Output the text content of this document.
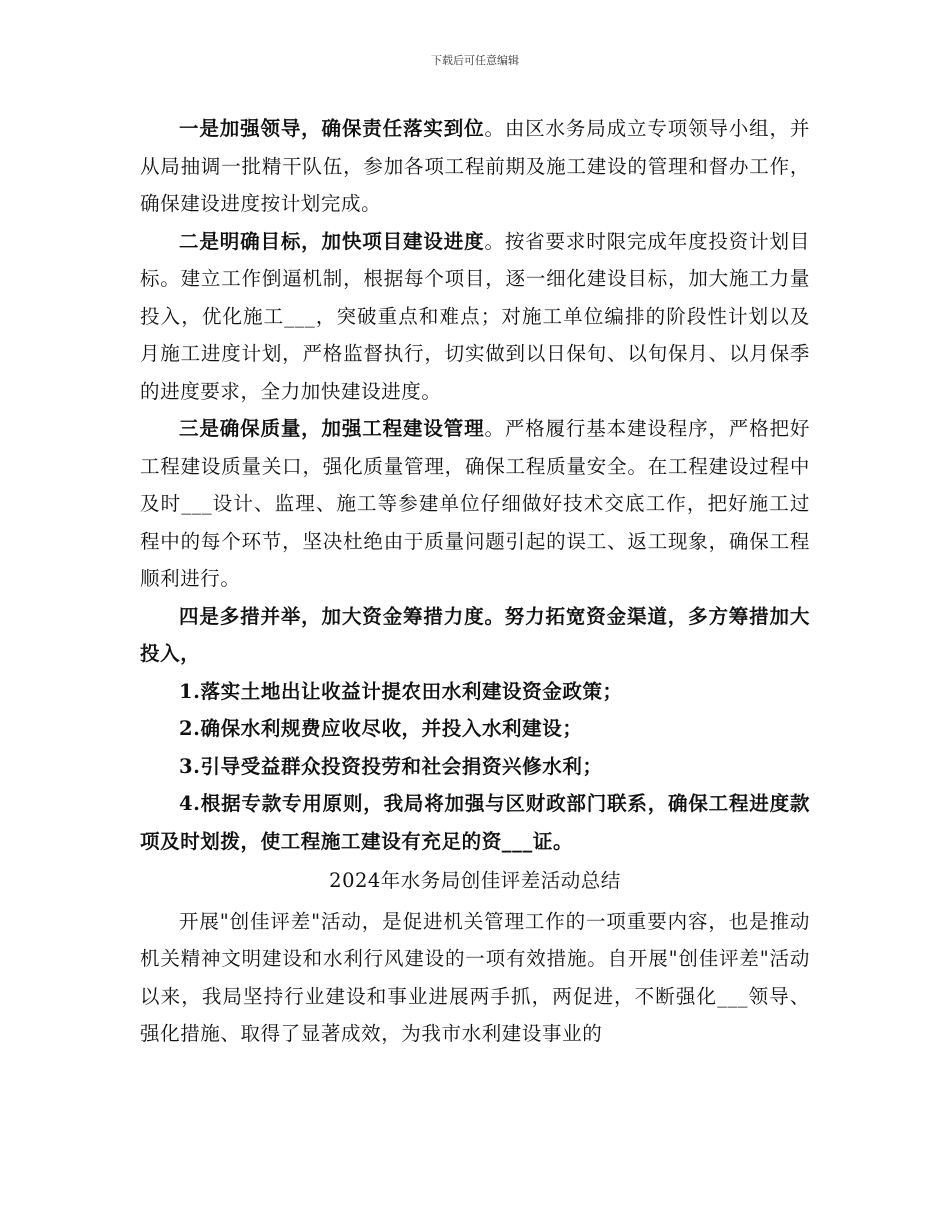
下载后可任意编辑

一是加强领导，确保责任落实到位。由区水务局成立专项领导小组，并从局抽调一批精干队伍，参加各项工程前期及施工建设的管理和督办工作，确保建设进度按计划完成。

二是明确目标，加快项目建设进度。按省要求时限完成年度投资计划目标。建立工作倒逼机制，根据每个项目，逐一细化建设目标，加大施工力量投入，优化施工___，突破重点和难点；对施工单位编排的阶段性计划以及月施工进度计划，严格监督执行，切实做到以日保旬、以旬保月、以月保季的进度要求，全力加快建设进度。

三是确保质量，加强工程建设管理。严格履行基本建设程序，严格把好工程建设质量关口，强化质量管理，确保工程质量安全。在工程建设过程中及时___设计、监理、施工等参建单位仔细做好技术交底工作，把好施工过程中的每个环节，坚决杜绝由于质量问题引起的误工、返工现象，确保工程顺利进行。

四是多措并举，加大资金筹措力度。努力拓宽资金渠道，多方筹措加大投入，

1.落实土地出让收益计提农田水利建设资金政策；

2.确保水利规费应收尽收，并投入水利建设；

3.引导受益群众投资投劳和社会捐资兴修水利；

4.根据专款专用原则，我局将加强与区财政部门联系，确保工程进度款项及时划拨，使工程施工建设有充足的资___证。

2024年水务局创佳评差活动总结

开展"创佳评差"活动，是促进机关管理工作的一项重要内容，也是推动机关精神文明建设和水利行风建设的一项有效措施。自开展"创佳评差"活动以来，我局坚持行业建设和事业进展两手抓，两促进，不断强化___领导、强化措施、取得了显著成效，为我市水利建设事业的
